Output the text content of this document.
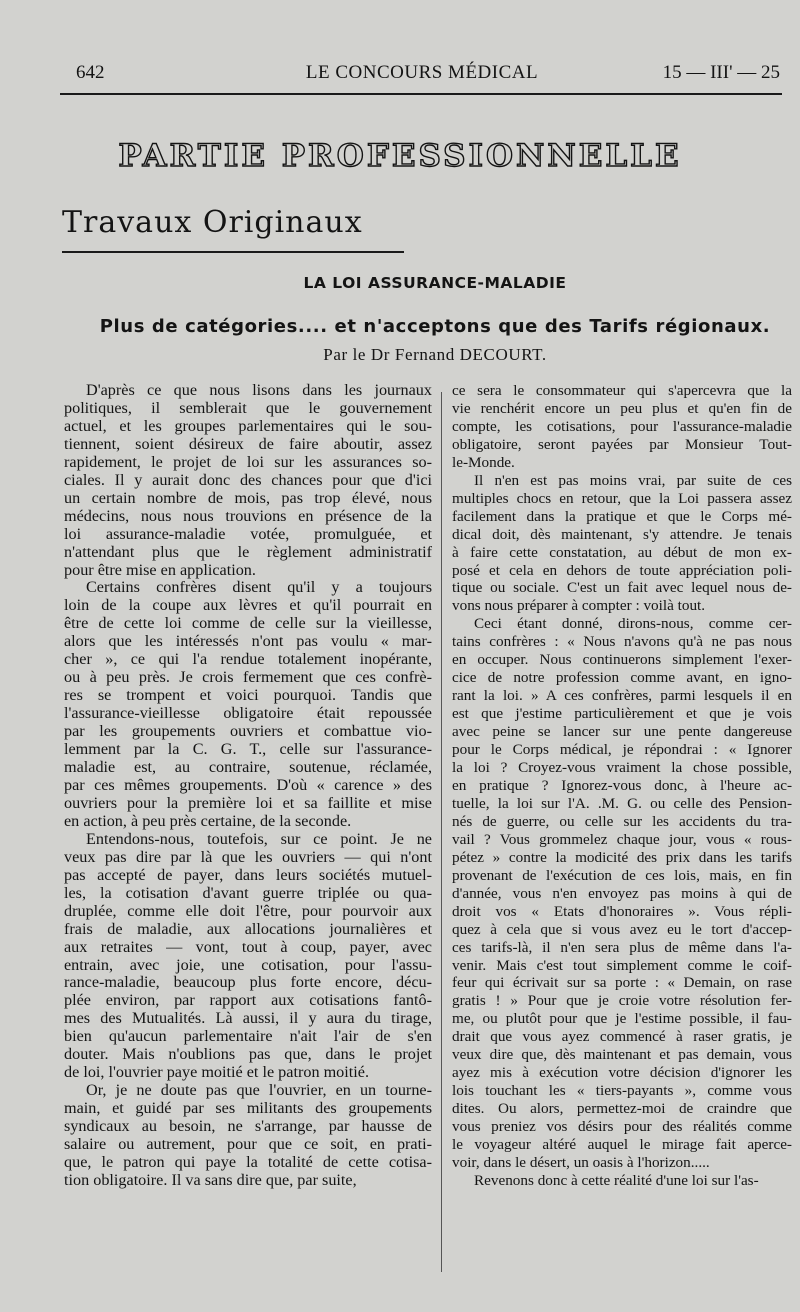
642	LE CONCOURS MÉDICAL	15 — III' — 25
PARTIE PROFESSIONNELLE
Travaux Originaux
LA LOI ASSURANCE-MALADIE
Plus de catégories.... et n'acceptons que des Tarifs régionaux.
Par le Dr Fernand DECOURT.
D'après ce que nous lisons dans les journaux
politiques, il semblerait que le gouvernement
actuel, et les groupes parlementaires qui le sou-
tiennent, soient désireux de faire aboutir, assez
rapidement, le projet de loi sur les assurances so-
ciales. Il y aurait donc des chances pour que d'ici
un certain nombre de mois, pas trop élevé, nous
médecins, nous nous trouvions en présence de la
loi assurance-maladie votée, promulguée, et
n'attendant plus que le règlement administratif
pour être mise en application.
Certains confrères disent qu'il y a toujours
loin de la coupe aux lèvres et qu'il pourrait en
être de cette loi comme de celle sur la vieillesse,
alors que les intéressés n'ont pas voulu « mar-
cher », ce qui l'a rendue totalement inopérante,
ou à peu près. Je crois fermement que ces confrè-
res se trompent et voici pourquoi. Tandis que
l'assurance-vieillesse obligatoire était repoussée
par les groupements ouvriers et combattue vio-
lemment par la C. G. T., celle sur l'assurance-
maladie est, au contraire, soutenue, réclamée,
par ces mêmes groupements. D'où « carence » des
ouvriers pour la première loi et sa faillite et mise
en action, à peu près certaine, de la seconde.
Entendons-nous, toutefois, sur ce point. Je ne
veux pas dire par là que les ouvriers — qui n'ont
pas accepté de payer, dans leurs sociétés mutuel-
les, la cotisation d'avant guerre triplée ou qua-
druplée, comme elle doit l'être, pour pourvoir aux
frais de maladie, aux allocations journalières et
aux retraites — vont, tout à coup, payer, avec
entrain, avec joie, une cotisation, pour l'assu-
rance-maladie, beaucoup plus forte encore, décu-
plée environ, par rapport aux cotisations fantô-
mes des Mutualités. Là aussi, il y aura du tirage,
bien qu'aucun parlementaire n'ait l'air de s'en
douter. Mais n'oublions pas que, dans le projet
de loi, l'ouvrier paye moitié et le patron moitié.
Or, je ne doute pas que l'ouvrier, en un tourne-
main, et guidé par ses militants des groupements
syndicaux au besoin, ne s'arrange, par hausse de
salaire ou autrement, pour que ce soit, en prati-
que, le patron qui paye la totalité de cette cotisa-
tion obligatoire. Il va sans dire que, par suite,
ce sera le consommateur qui s'apercevra que la
vie renchérit encore un peu plus et qu'en fin de
compte, les cotisations, pour l'assurance-maladie
obligatoire, seront payées par Monsieur Tout-
le-Monde.
Il n'en est pas moins vrai, par suite de ces
multiples chocs en retour, que la Loi passera assez
facilement dans la pratique et que le Corps mé-
dical doit, dès maintenant, s'y attendre. Je tenais
à faire cette constatation, au début de mon ex-
posé et cela en dehors de toute appréciation poli-
tique ou sociale. C'est un fait avec lequel nous de-
vons nous préparer à compter : voilà tout.
Ceci étant donné, dirons-nous, comme cer-
tains confrères : « Nous n'avons qu'à ne pas nous
en occuper. Nous continuerons simplement l'exer-
cice de notre profession comme avant, en igno-
rant la loi. » A ces confrères, parmi lesquels il en
est que j'estime particulièrement et que je vois
avec peine se lancer sur une pente dangereuse
pour le Corps médical, je répondrai : « Ignorer
la loi ? Croyez-vous vraiment la chose possible,
en pratique ? Ignorez-vous donc, à l'heure ac-
tuelle, la loi sur l'A. .M. G. ou celle des Pension-
nés de guerre, ou celle sur les accidents du tra-
vail ? Vous grommelez chaque jour, vous « rous-
pétez » contre la modicité des prix dans les tarifs
provenant de l'exécution de ces lois, mais, en fin
d'année, vous n'en envoyez pas moins à qui de
droit vos « Etats d'honoraires ». Vous répli-
quez à cela que si vous avez eu le tort d'accep-
ces tarifs-là, il n'en sera plus de même dans l'a-
venir. Mais c'est tout simplement comme le coif-
feur qui écrivait sur sa porte : « Demain, on rase
gratis ! » Pour que je croie votre résolution fer-
me, ou plutôt pour que je l'estime possible, il fau-
drait que vous ayez commencé à raser gratis, je
veux dire que, dès maintenant et pas demain, vous
ayez mis à exécution votre décision d'ignorer les
lois touchant les « tiers-payants », comme vous
dites. Ou alors, permettez-moi de craindre que
vous preniez vos désirs pour des réalités comme
le voyageur altéré auquel le mirage fait aperce-
voir, dans le désert, un oasis à l'horizon.....
Revenons donc à cette réalité d'une loi sur l'as-
